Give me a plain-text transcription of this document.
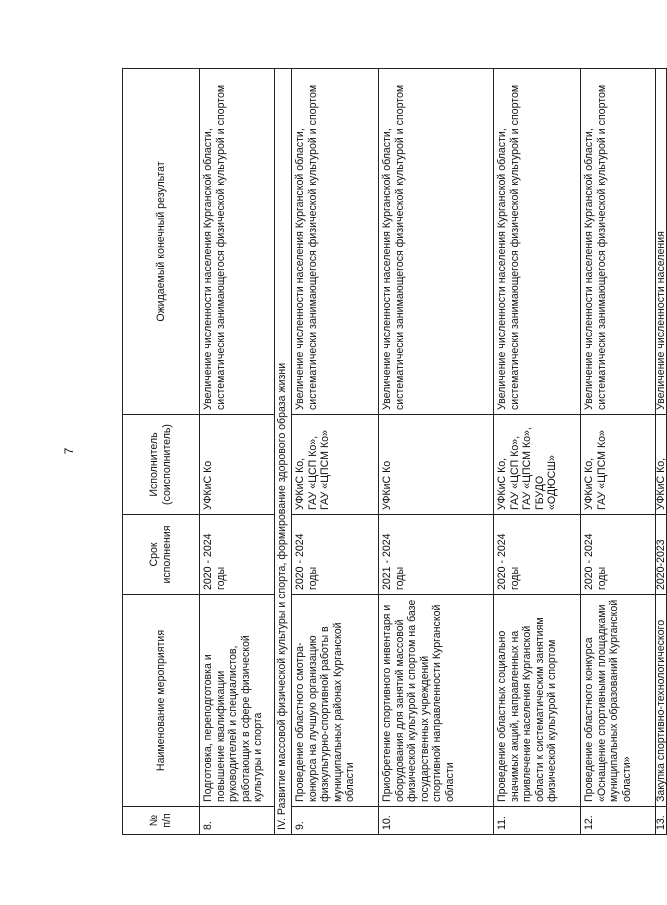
7
№ п/п	Наименование мероприятия	Срок исполнения	Исполнитель (соисполнитель)	Ожидаемый конечный результат
8.	Подготовка, переподготовка и повышение квалификации руководителей и специалистов, работающих в сфере физической культуры и спорта	2020 - 2024 годы	УФКиС Ко	Увеличение численности населения Курганской области, систематически занимающегося физической культурой и спортом
IV. Развитие массовой физической культуры и спорта, формирование здорового образа жизни				
9.	Проведение областного смотра-конкурса на лучшую организацию физкультурно-спортивной работы в муниципальных районах Курганской области	2020 - 2024 годы	УФКиС Ко,
ГАУ «ЦСП Ко»,
ГАУ «ЦПСМ Ко»	Увеличение численности населения Курганской области, систематически занимающегося физической культурой и спортом
10.	Приобретение спортивного инвентаря и оборудования для занятий массовой физической культурой и спортом на базе государственных учреждений спортивной направленности Курганской области	2021 - 2024 годы	УФКиС Ко	Увеличение численности населения Курганской области, систематически занимающегося физической культурой и спортом
11.	Проведение областных социально значимых акций, направленных на привлечение населения Курганской области к систематическим занятиям физической культурой и спортом	2020 - 2024 годы	УФКиС Ко,
ГАУ «ЦСП Ко»,
ГАУ «ЦПСМ Ко»,
ГБУДО «ОДЮСШ»	Увеличение численности населения Курганской области, систематически занимающегося физической культурой и спортом
12.	Проведение областного конкурса «Оснащение спортивными площадками муниципальных образований Курганской области»	2020 - 2024 годы	УФКиС Ко,
ГАУ «ЦПСМ Ко»	Увеличение численности населения Курганской области, систематически занимающегося физической культурой и спортом
13.	Закупка спортивно-технологического	2020-2023	УФКиС Ко,	Увеличение численности населения
